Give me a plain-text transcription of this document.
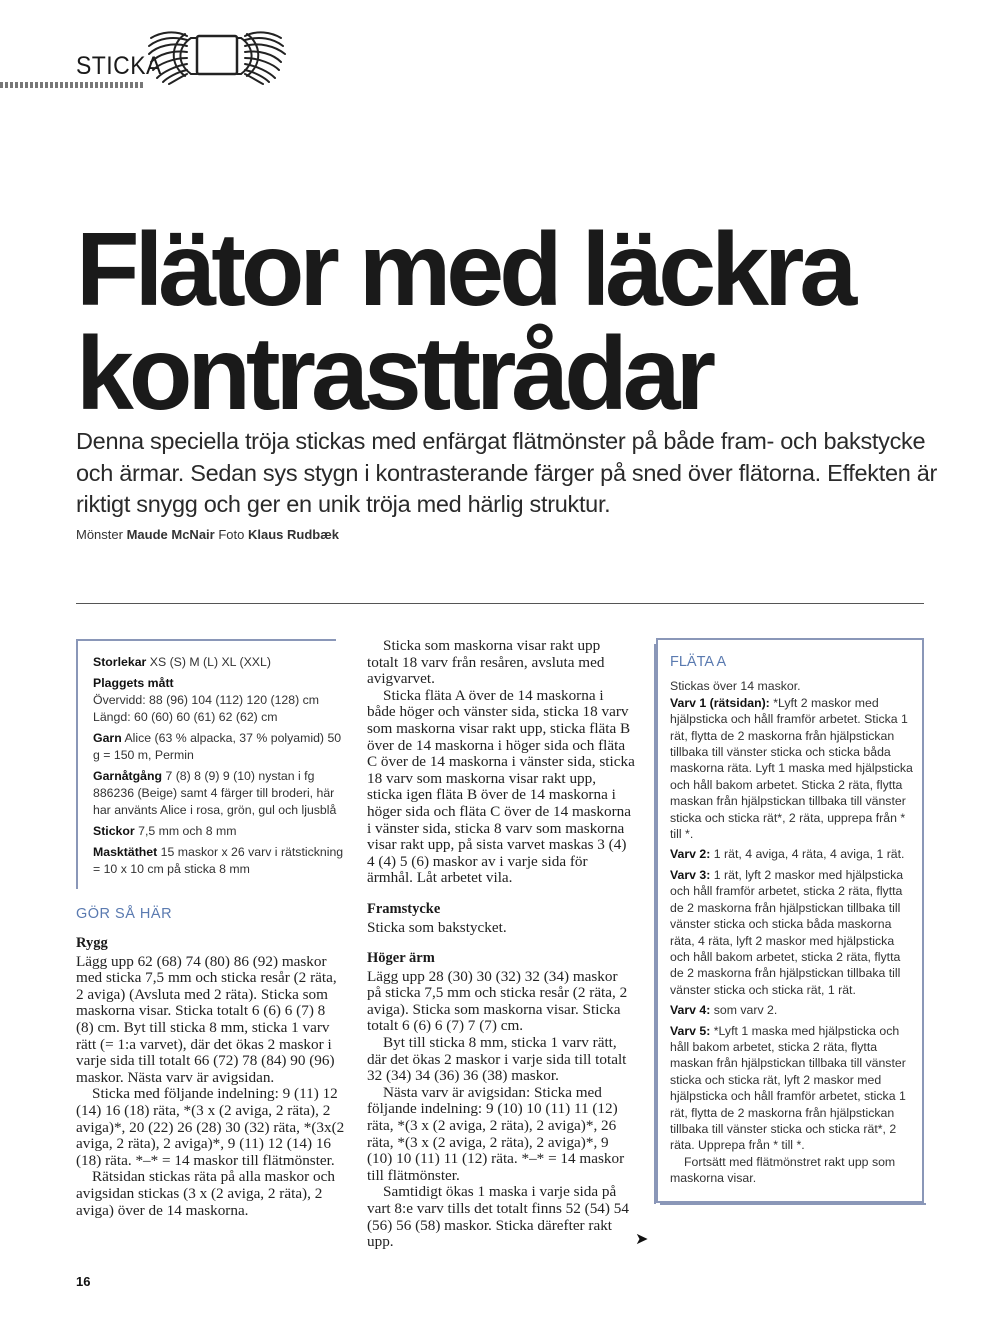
STICKA
Flätor med läckra
kontrasttrådar
Denna speciella tröja stickas med enfärgat flätmönster på både fram- och bakstycke och ärmar. Sedan sys stygn i kontrasterande färger på sned över flätorna. Effekten är riktigt snygg och ger en unik tröja med härlig struktur.
Mönster Maude McNair Foto Klaus Rudbæk

Storlekar XS (S) M (L) XL (XXL)

Plaggets mått
Övervidd: 88 (96) 104 (112) 120 (128) cm
Längd: 60 (60) 60 (61) 62 (62) cm

Garn Alice (63 % alpacka, 37 % polyamid) 50 g = 150 m, Permin

Garnåtgång 7 (8) 8 (9) 9 (10) nystan i fg 886236 (Beige) samt 4 färger till broderi, här har använts Alice i rosa, grön, gul och ljusblå

Stickor 7,5 mm och 8 mm

Masktäthet 15 maskor x 26 varv i rätstickning = 10 x 10 cm på sticka 8 mm

GÖR SÅ HÄR
Rygg

Lägg upp 62 (68) 74 (80) 86 (92) maskor med sticka 7,5 mm och sticka resår (2 räta, 2 aviga) (Avsluta med 2 räta). Sticka som maskorna visar. Sticka totalt 6 (6) 6 (7) 8 (8) cm. Byt till sticka 8 mm, sticka 1 varv rätt (= 1:a varvet), där det ökas 2 maskor i varje sida till totalt 66 (72) 78 (84) 90 (96) maskor. Nästa varv är avigsidan.

Sticka med följande indelning: 9 (11) 12 (14) 16 (18) räta, *(3 x (2 aviga, 2 räta), 2 aviga)*, 20 (22) 26 (28) 30 (32) räta, *(3x(2 aviga, 2 räta), 2 aviga)*, 9 (11) 12 (14) 16 (18) räta. *–* = 14 maskor till flätmönster.

Rätsidan stickas räta på alla maskor och avigsidan stickas (3 x (2 aviga, 2 räta), 2 aviga) över de 14 maskorna.

Sticka som maskorna visar rakt upp totalt 18 varv från resåren, avsluta med avigvarvet.

Sticka fläta A över de 14 maskorna i både höger och vänster sida, sticka 18 varv som maskorna visar rakt upp, sticka fläta B över de 14 maskorna i höger sida och fläta C över de 14 maskorna i vänster sida, sticka 18 varv som maskorna visar rakt upp, sticka igen fläta B över de 14 maskorna i höger sida och fläta C över de 14 maskorna i vänster sida, sticka 8 varv som maskorna visar rakt upp, på sista varvet maskas 3 (4) 4 (4) 5 (6) maskor av i varje sida för ärmhål. Låt arbetet vila.

Framstycke

Sticka som bakstycket.

Höger ärm

Lägg upp 28 (30) 30 (32) 32 (34) maskor på sticka 7,5 mm och sticka resår (2 räta, 2 aviga). Sticka som maskorna visar. Sticka totalt 6 (6) 6 (7) 7 (7) cm.

Byt till sticka 8 mm, sticka 1 varv rätt, där det ökas 2 maskor i varje sida till totalt 32 (34) 34 (36) 36 (38) maskor.

Nästa varv är avigsidan: Sticka med följande indelning: 9 (10) 10 (11) 11 (12) räta, *(3 x (2 aviga, 2 räta), 2 aviga)*, 26 räta, *(3 x (2 aviga, 2 räta), 2 aviga)*, 9 (10) 10 (11) 11 (12) räta. *–* = 14 maskor till flätmönster.

Samtidigt ökas 1 maska i varje sida på vart 8:e varv tills det totalt finns 52 (54) 54 (56) 56 (58) maskor. Sticka därefter rakt upp.

FLÄTA A

Stickas över 14 maskor.

Varv 1 (rätsidan): *Lyft 2 maskor med hjälpsticka och håll framför arbetet. Sticka 1 rät, flytta de 2 maskorna från hjälpstickan tillbaka till vänster sticka och sticka båda maskorna räta. Lyft 1 maska med hjälpsticka och håll bakom arbetet. Sticka 2 räta, flytta maskan från hjälpstickan tillbaka till vänster sticka och sticka rät*, 2 räta, upprepa från * till *.

Varv 2: 1 rät, 4 aviga, 4 räta, 4 aviga, 1 rät.

Varv 3: 1 rät, lyft 2 maskor med hjälpsticka och håll framför arbetet, sticka 2 räta, flytta de 2 maskorna från hjälpstickan tillbaka till vänster sticka och sticka båda maskorna räta, 4 räta, lyft 2 maskor med hjälpsticka och håll bakom arbetet, sticka 2 räta, flytta de 2 maskorna från hjälpstickan tillbaka till vänster sticka och sticka rät, 1 rät.

Varv 4: som varv 2.

Varv 5: *Lyft 1 maska med hjälpsticka och håll bakom arbetet, sticka 2 räta, flytta maskan från hjälpstickan tillbaka till vänster sticka och sticka rät, lyft 2 maskor med hjälpsticka och håll framför arbetet, sticka 1 rät, flytta de 2 maskorna från hjälpstickan tillbaka till vänster sticka och sticka rät*, 2 räta. Upprepa från * till *.

Fortsätt med flätmönstret rakt upp som maskorna visar.

➤
16
